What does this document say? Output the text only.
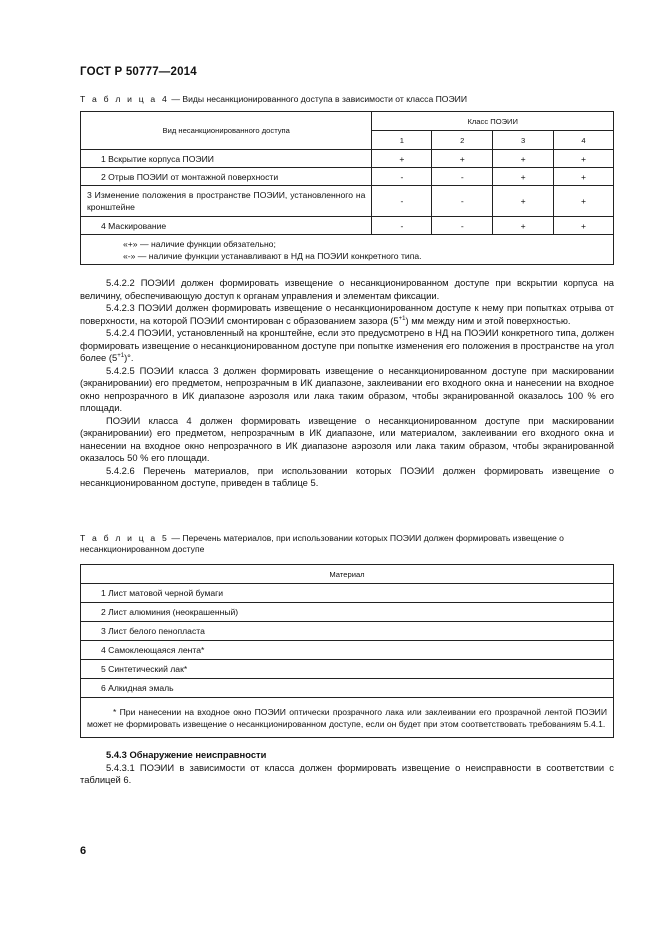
ГОСТ Р 50777—2014
Т а б л и ц а 4 — Виды несанкционированного доступа в зависимости от класса ПОЭИИ
Вид несанкционированного доступа	Класс ПОЭИИ			
	1	2	3	4
1 Вскрытие корпуса ПОЭИИ	+	+	+	+
2 Отрыв ПОЭИИ от монтажной поверхности	-	-	+	+
3 Изменение положения в пространстве ПОЭИИ, установленного на кронштейне	-	-	+	+
4 Маскирование	-	-	+	+

«+» — наличие функции обязательно;
«-» — наличие функции устанавливают в НД на ПОЭИИ конкретного типа.				

5.4.2.2 ПОЭИИ должен формировать извещение о несанкционированном доступе при вскрытии корпуса на величину, обеспечивающую доступ к органам управления и элементам фиксации.

5.4.2.3 ПОЭИИ должен формировать извещение о несанкционированном доступе к нему при попытках отрыва от поверхности, на которой ПОЭИИ смонтирован с образованием зазора $(5^{+1})$ мм между ним и этой поверхностью.

5.4.2.4 ПОЭИИ, установленный на кронштейне, если это предусмотрено в НД на ПОЭИИ конкретного типа, должен формировать извещение о несанкционированном доступе при попытке изменения его положения в пространстве на угол более $(5^{+1})^\circ$.

5.4.2.5 ПОЭИИ класса 3 должен формировать извещение о несанкционированном доступе при маскировании (экранировании) его предметом, непрозрачным в ИК диапазоне, заклеивании его входного окна и нанесении на входное окно непрозрачного в ИК диапазоне аэрозоля или лака таким образом, чтобы экранированной оказалось 100 % его площади.

ПОЭИИ класса 4 должен формировать извещение о несанкционированном доступе при маскировании (экранировании) его предметом, непрозрачным в ИК диапазоне, или материалом, заклеивании его входного окна и нанесении на входное окно непрозрачного в ИК диапазоне аэрозоля или лака таким образом, чтобы экранированной оказалось 50 % его площади.

5.4.2.6 Перечень материалов, при использовании которых ПОЭИИ должен формировать извещение о несанкционированном доступе, приведен в таблице 5.

Т а б л и ц а 5 — Перечень материалов, при использовании которых ПОЭИИ должен формировать извещение о несанкционированном доступе
Материал
1 Лист матовой черной бумаги
2 Лист алюминия (неокрашенный)
3 Лист белого пенопласта
4 Самоклеющаяся лента*
5 Синтетический лак*
6 Алкидная эмаль

* При нанесении на входное окно ПОЭИИ оптически прозрачного лака или заклеивании его прозрачной лентой ПОЭИИ может не формировать извещение о несанкционированном доступе, если он будет при этом соответствовать требованиям 5.4.1.

5.4.3 Обнаружение неисправности

5.4.3.1 ПОЭИИ в зависимости от класса должен формировать извещение о неисправности в соответствии с таблицей 6.

6
